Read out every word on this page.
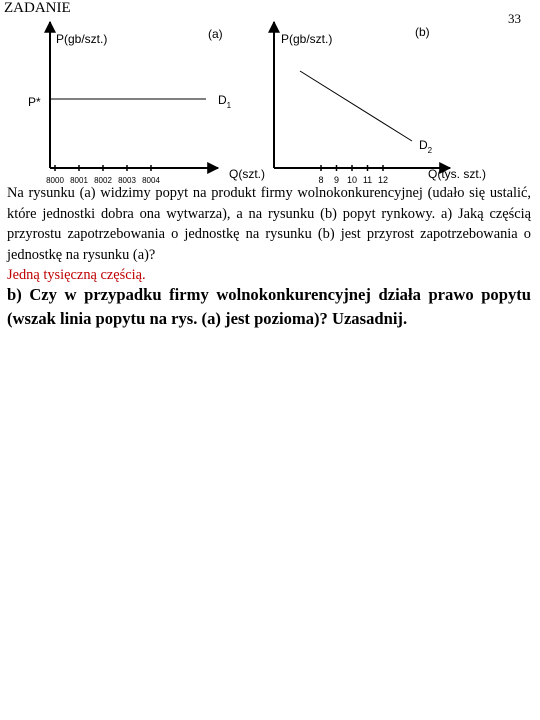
ZADANIE
33
P(gb/szt.)	(a)
P*	$D_1$
8000 8001 8002 8003 8004	Q(szt.)
P(gb/szt.)	(b)
$D_2$
8 9 10 11 12	Q(tys. szt.)

Na rysunku (a) widzimy popyt na produkt firmy wolnokonkurencyjnej (udało się ustalić, które jednostki dobra ona wytwarza), a na rysunku (b) popyt rynkowy. a) Jaką częścią przyrostu zapotrzebowania o jednostkę na rysunku (b) jest przyrost zapotrzebowania o jednostkę na rysunku (a)?

Jedną tysięczną częścią.

b) Czy w przypadku firmy wolnokonkurencyjnej działa prawo popytu (wszak linia popytu na rys. (a) jest pozioma)? Uzasadnij.
